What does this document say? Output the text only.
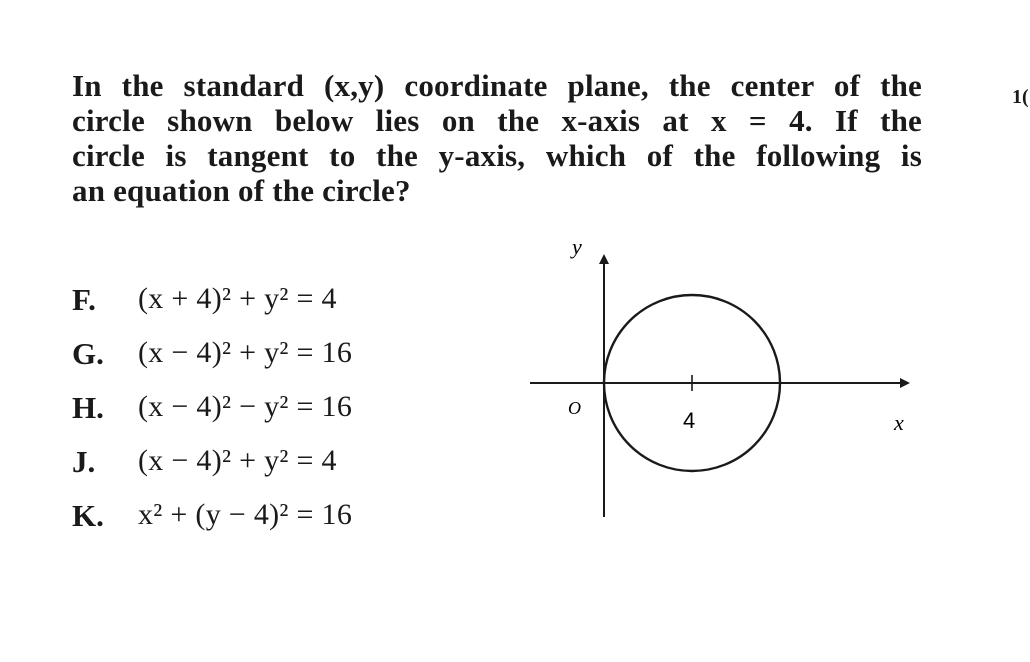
In the standard (x,y) coordinate plane, the center of the
circle shown below lies on the x-axis at x = 4. If the
circle is tangent to the y-axis, which of the following is
an equation of the circle?
1(
F. (x + 4)² + y² = 4
G. (x − 4)² + y² = 16
H. (x − 4)² − y² = 16
J. (x − 4)² + y² = 4
K. x² + (y − 4)² = 16
y
x
O	4
